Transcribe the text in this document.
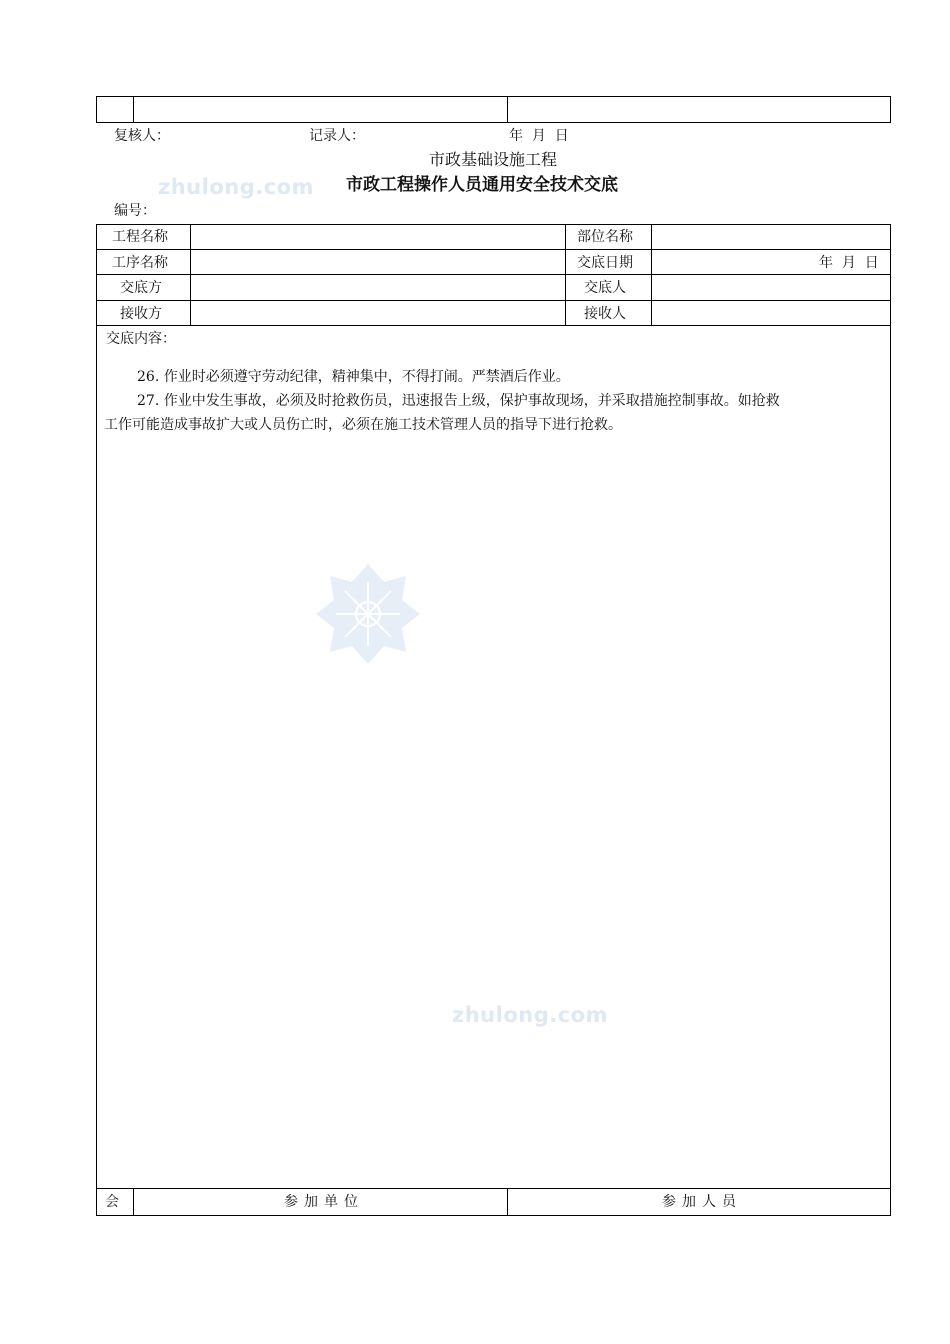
复核人：	记录人：	年  月  日
zhulong.com
市政基础设施工程
市政工程操作人员通用安全技术交底
编号：
工程名称	部位名称
工序名称	交底日期	年  月  日
交底方	交底人
接收方	接收人
交底内容：
26. 作业时必须遵守劳动纪律，精神集中，不得打闹。严禁酒后作业。
27. 作业中发生事故，必须及时抢救伤员，迅速报告上级，保护事故现场，并采取措施控制事故。如抢救
工作可能造成事故扩大或人员伤亡时，必须在施工技术管理人员的指导下进行抢救。
zhulong.com
会	参加单位	参加人员
